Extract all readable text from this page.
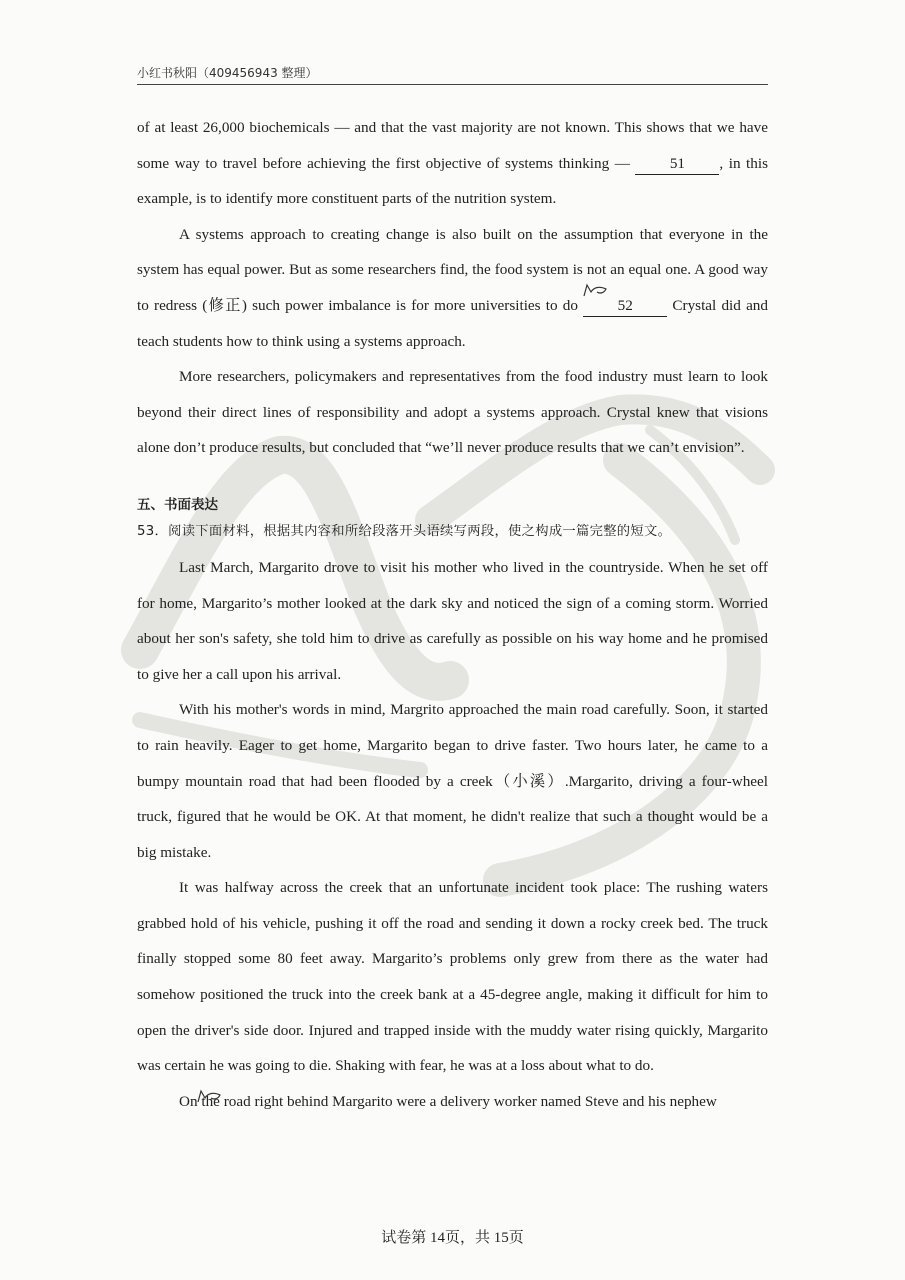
小红书秋阳（409456943 整理）

of at least 26,000 biochemicals — and that the vast majority are not known. This shows that we have some way to travel before achieving the first objective of systems thinking — 51 , in this example, is to identify more constituent parts of the nutrition system.

A systems approach to creating change is also built on the assumption that everyone in the system has equal power. But as some researchers find, the food system is not an equal one. A good way to redress (修正) such power imbalance is for more universities to do 52 Crystal did and teach students how to think using a systems approach.

More researchers, policymakers and representatives from the food industry must learn to look beyond their direct lines of responsibility and adopt a systems approach. Crystal knew that visions alone don’t produce results, but concluded that “we’ll never produce results that we can’t envision”.

五、书面表达
53．阅读下面材料，根据其内容和所给段落开头语续写两段，使之构成一篇完整的短文。

Last March, Margarito drove to visit his mother who lived in the countryside. When he set off for home, Margarito’s mother looked at the dark sky and noticed the sign of a coming storm. Worried about her son's safety, she told him to drive as carefully as possible on his way home and he promised to give her a call upon his arrival.

With his mother's words in mind, Margrito approached the main road carefully. Soon, it started to rain heavily. Eager to get home, Margarito began to drive faster. Two hours later, he came to a bumpy mountain road that had been flooded by a creek（小溪）.Margarito, driving a four-wheel truck, figured that he would be OK. At that moment, he didn't realize that such a thought would be a big mistake.

It was halfway across the creek that an unfortunate incident took place: The rushing waters grabbed hold of his vehicle, pushing it off the road and sending it down a rocky creek bed. The truck finally stopped some 80 feet away. Margarito’s problems only grew from there as the water had somehow positioned the truck into the creek bank at a 45-degree angle, making it difficult for him to open the driver's side door. Injured and trapped inside with the muddy water rising quickly, Margarito was certain he was going to die. Shaking with fear, he was at a loss about what to do.

On the road right behind Margarito were a delivery worker named Steve and his nephew

试卷第 14页，共 15页
